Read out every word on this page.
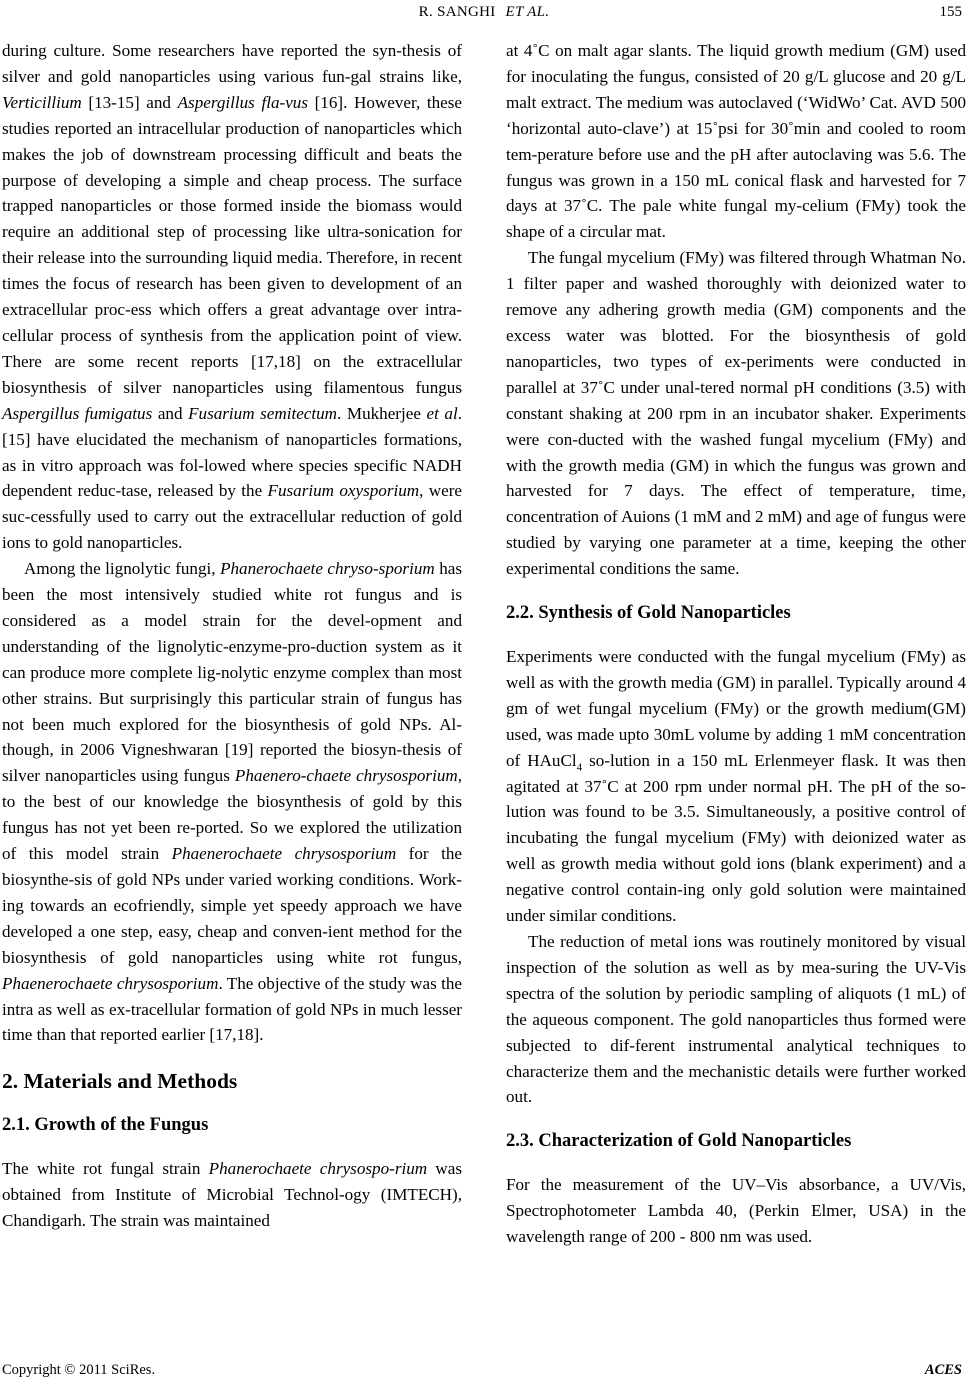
R. SANGHI ET AL.	155

during culture. Some researchers have reported the syn-thesis of silver and gold nanoparticles using various fun-gal strains like, Verticillium [13-15] and Aspergillus fla-vus [16]. However, these studies reported an intracellular production of nanoparticles which makes the job of downstream processing difficult and beats the purpose of developing a simple and cheap process. The surface trapped nanoparticles or those formed inside the biomass would require an additional step of processing like ultra-sonication for their release into the surrounding liquid media. Therefore, in recent times the focus of research has been given to development of an extracellular proc-ess which offers a great advantage over intra-cellular process of synthesis from the application point of view. There are some recent reports [17,18] on the extracellular biosynthesis of silver nanoparticles using filamentous fungus Aspergillus fumigatus and Fusarium semitectum. Mukherjee et al. [15] have elucidated the mechanism of nanoparticles formations, as in vitro approach was fol-lowed where species specific NADH dependent reduc-tase, released by the Fusarium oxysporium, were suc-cessfully used to carry out the extracellular reduction of gold ions to gold nanoparticles.

Among the lignolytic fungi, Phanerochaete chryso-sporium has been the most intensively studied white rot fungus and is considered as a model strain for the devel-opment and understanding of the lignolytic-enzyme-pro-duction system as it can produce more complete lig-nolytic enzyme complex than most other strains. But surprisingly this particular strain of fungus has not been much explored for the biosynthesis of gold NPs. Al-though, in 2006 Vigneshwaran [19] reported the biosyn-thesis of silver nanoparticles using fungus Phaenero-chaete chrysosporium, to the best of our knowledge the biosynthesis of gold by this fungus has not yet been re-ported. So we explored the utilization of this model strain Phaenerochaete chrysosporium for the biosynthe-sis of gold NPs under varied working conditions. Work-ing towards an ecofriendly, simple yet speedy approach we have developed a one step, easy, cheap and conven-ient method for the biosynthesis of gold nanoparticles using white rot fungus, Phaenerochaete chrysosporium. The objective of the study was the intra as well as ex-tracellular formation of gold NPs in much lesser time than that reported earlier [17,18].

2. Materials and Methods
2.1. Growth of the Fungus

The white rot fungal strain Phanerochaete chrysospo-rium was obtained from Institute of Microbial Technol-ogy (IMTECH), Chandigarh. The strain was maintained

at 4˚C on malt agar slants. The liquid growth medium (GM) used for inoculating the fungus, consisted of 20 g/L glucose and 20 g/L malt extract. The medium was autoclaved (‘WidWo’ Cat. AVD 500 ‘horizontal auto-clave’) at 15˚psi for 30˚min and cooled to room tem-perature before use and the pH after autoclaving was 5.6. The fungus was grown in a 150 mL conical flask and harvested for 7 days at 37˚C. The pale white fungal my-celium (FMy) took the shape of a circular mat.

The fungal mycelium (FMy) was filtered through Whatman No. 1 filter paper and washed thoroughly with deionized water to remove any adhering growth media (GM) components and the excess water was blotted. For the biosynthesis of gold nanoparticles, two types of ex-periments were conducted in parallel at 37˚C under unal-tered normal pH conditions (3.5) with constant shaking at 200 rpm in an incubator shaker. Experiments were con-ducted with the washed fungal mycelium (FMy) and with the growth media (GM) in which the fungus was grown and harvested for 7 days. The effect of temperature, time, concentration of Auions (1 mM and 2 mM) and age of fungus were studied by varying one parameter at a time, keeping the other experimental conditions the same.

2.2. Synthesis of Gold Nanoparticles

Experiments were conducted with the fungal mycelium (FMy) as well as with the growth media (GM) in parallel. Typically around 4 gm of wet fungal mycelium (FMy) or the growth medium(GM) used, was made upto 30mL volume by adding 1 mM concentration of HAuCl$_4$ so-lution in a 150 mL Erlenmeyer flask. It was then agitated at 37˚C at 200 rpm under normal pH. The pH of the so-lution was found to be 3.5. Simultaneously, a positive control of incubating the fungal mycelium (FMy) with deionized water as well as growth media without gold ions (blank experiment) and a negative control contain-ing only gold solution were maintained under similar conditions.

The reduction of metal ions was routinely monitored by visual inspection of the solution as well as by mea-suring the UV-Vis spectra of the solution by periodic sampling of aliquots (1 mL) of the aqueous component. The gold nanoparticles thus formed were subjected to dif-ferent instrumental analytical techniques to characterize them and the mechanistic details were further worked out.

2.3. Characterization of Gold Nanoparticles

For the measurement of the UV–Vis absorbance, a UV/Vis, Spectrophotometer Lambda 40, (Perkin Elmer, USA) in the wavelength range of 200 - 800 nm was used.

Copyright © 2011 SciRes.	ACES
